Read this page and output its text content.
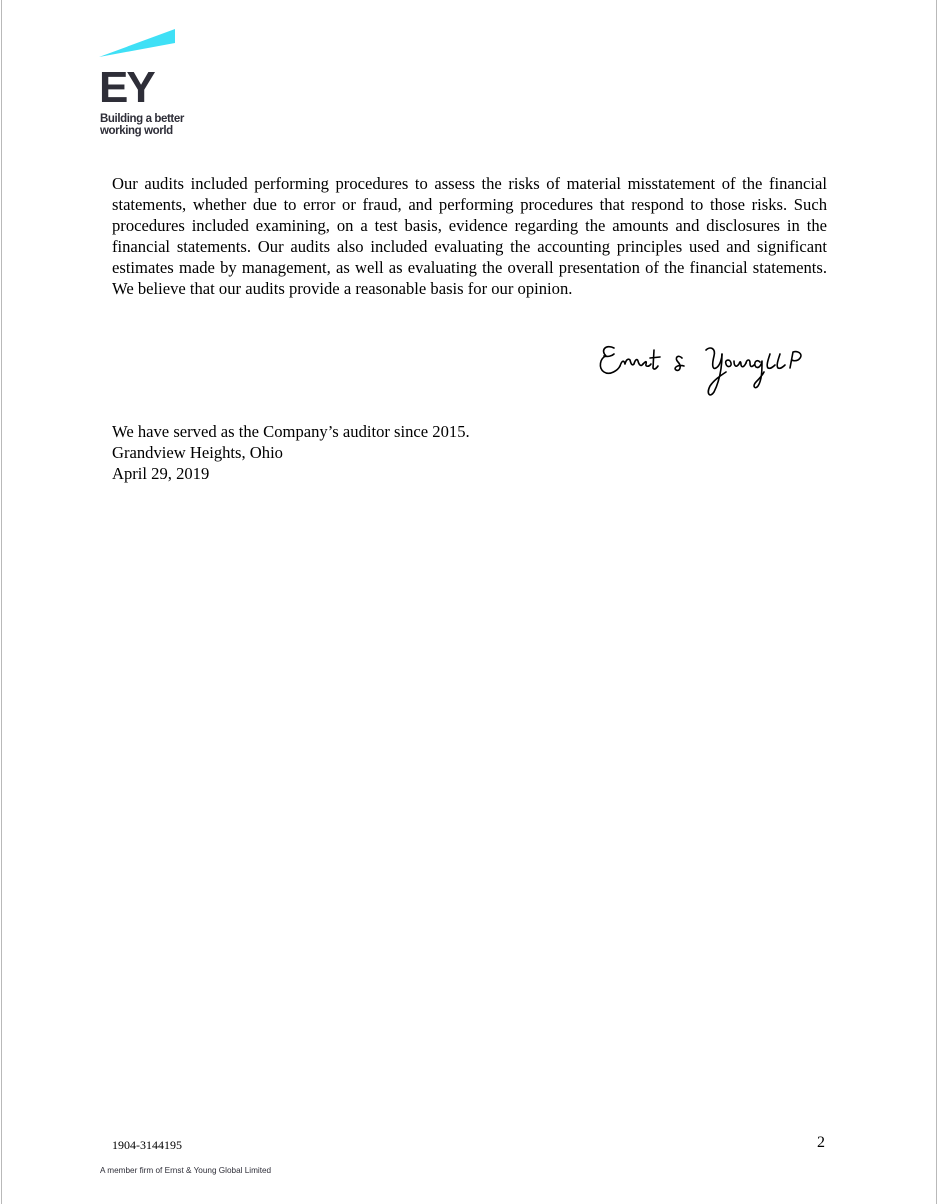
EY
Building a better
working world

Our audits included performing procedures to assess the risks of material misstatement of the financial statements, whether due to error or fraud, and performing procedures that respond to those risks. Such procedures included examining, on a test basis, evidence regarding the amounts and disclosures in the financial statements. Our audits also included evaluating the accounting principles used and significant estimates made by management, as well as evaluating the overall presentation of the financial statements. We believe that our audits provide a reasonable basis for our opinion.

We have served as the Company’s auditor since 2015.
Grandview Heights, Ohio
April 29, 2019
1904-3144195	2
A member firm of Ernst & Young Global Limited
